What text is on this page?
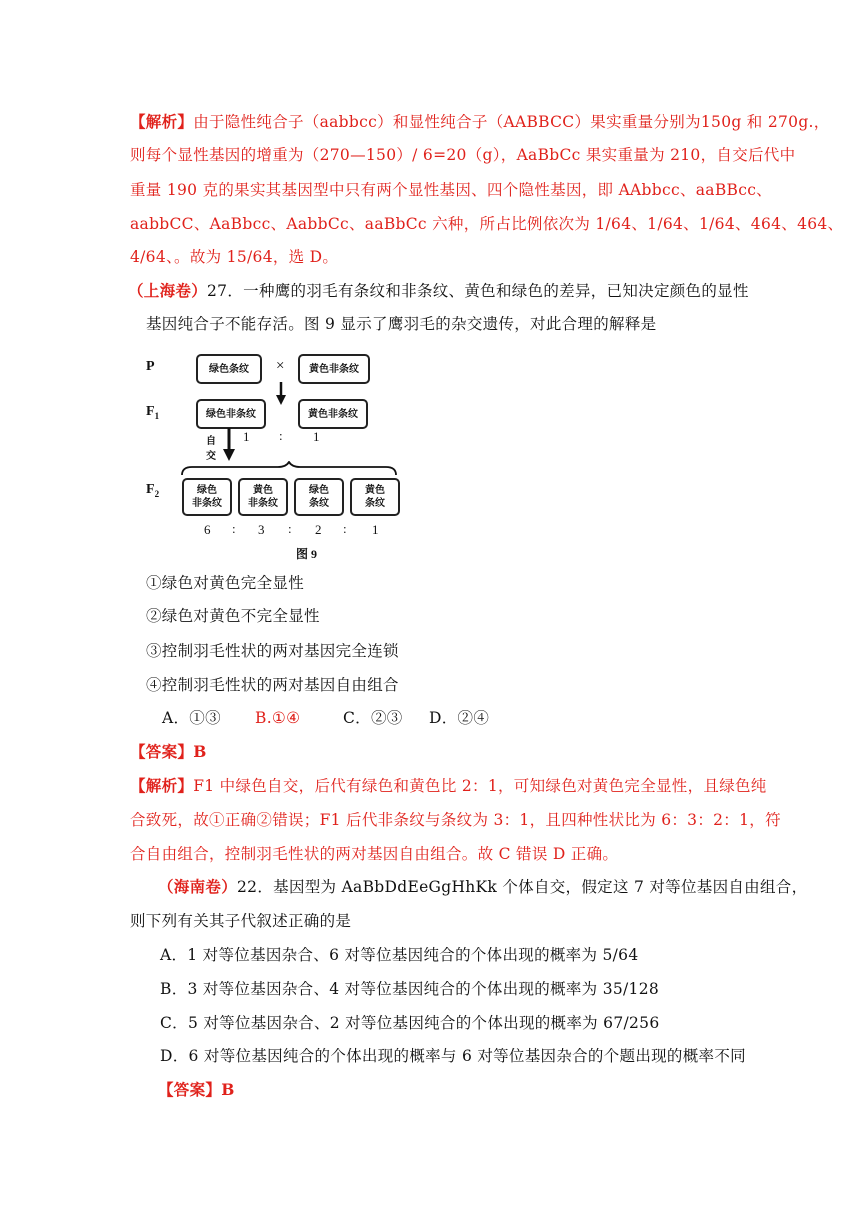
【解析】由于隐性纯合子（aabbcc）和显性纯合子（AABBCC）果实重量分别为150g 和 270g.，
则每个显性基因的增重为（270—150）/ 6=20（g），AaBbCc 果实重量为 210，自交后代中
重量 190 克的果实其基因型中只有两个显性基因、四个隐性基因，即 AAbbcc、aaBBcc、
aabbCC、AaBbcc、AabbCc、aaBbCc 六种，所占比例依次为 1/64、1/64、1/64、464、464、
4/64、。故为 15/64，选 D。
（上海卷）27．一种鹰的羽毛有条纹和非条纹、黄色和绿色的差异，已知决定颜色的显性
基因纯合子不能存活。图 9 显示了鹰羽毛的杂交遗传，对此合理的解释是
P
$F_1$
$F_2$
绿色条纹	×	黄色非条纹
绿色非条纹	黄色非条纹
1 : 1
自
交
绿色
非条纹
黄色
非条纹
绿色
条纹
黄色
条纹
6 : 3 : 2 : 1
图 9
①绿色对黄色完全显性
②绿色对黄色不完全显性
③控制羽毛性状的两对基因完全连锁
④控制羽毛性状的两对基因自由组合
A．①③ B.①④	C．②③ D．②④
【答案】B
【解析】F1 中绿色自交，后代有绿色和黄色比 2：1，可知绿色对黄色完全显性，且绿色纯
合致死，故①正确②错误；F1 后代非条纹与条纹为 3：1，且四种性状比为 6：3：2：1，符
合自由组合，控制羽毛性状的两对基因自由组合。故 C 错误 D 正确。
（海南卷）22．基因型为 AaBbDdEeGgHhKk 个体自交，假定这 7 对等位基因自由组合，
则下列有关其子代叙述正确的是
A．1 对等位基因杂合、6 对等位基因纯合的个体出现的概率为 5/64
B．3 对等位基因杂合、4 对等位基因纯合的个体出现的概率为 35/128
C．5 对等位基因杂合、2 对等位基因纯合的个体出现的概率为 67/256
D．6 对等位基因纯合的个体出现的概率与 6 对等位基因杂合的个题出现的概率不同
【答案】B
